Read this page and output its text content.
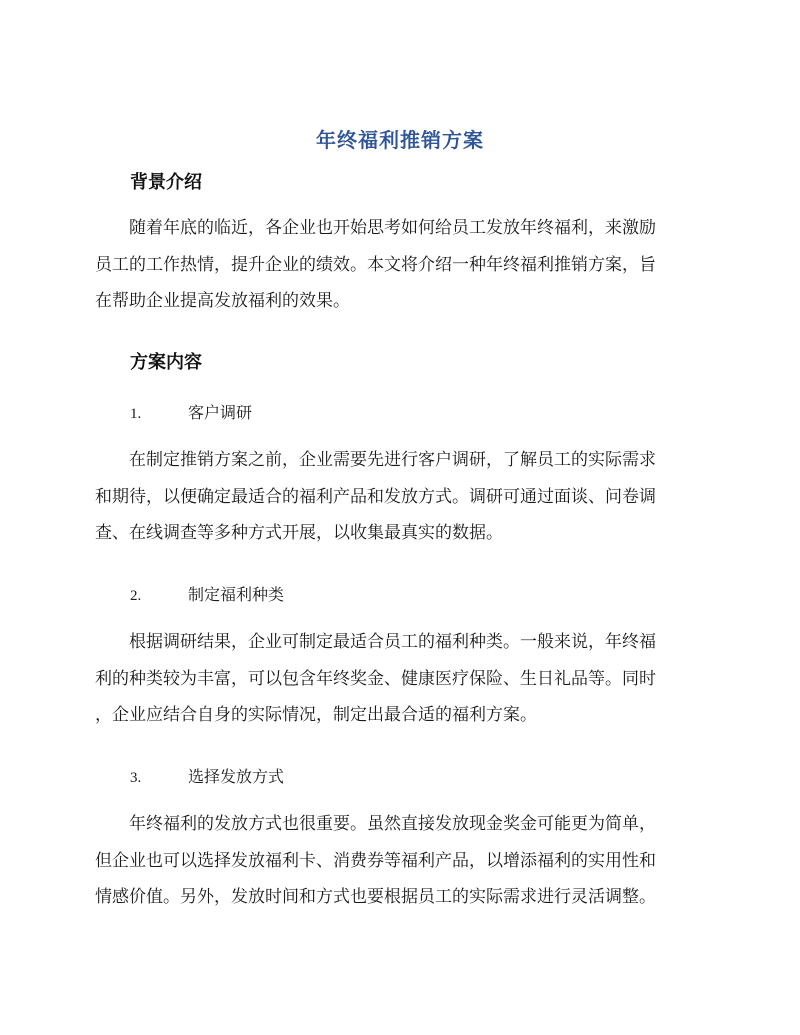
年终福利推销方案
背景介绍
随着年底的临近，各企业也开始思考如何给员工发放年终福利，来激励
员工的工作热情，提升企业的绩效。本文将介绍一种年终福利推销方案，旨
在帮助企业提高发放福利的效果。
方案内容
1.	客户调研
在制定推销方案之前，企业需要先进行客户调研，了解员工的实际需求
和期待，以便确定最适合的福利产品和发放方式。调研可通过面谈、问卷调
查、在线调查等多种方式开展，以收集最真实的数据。
2.	制定福利种类
根据调研结果，企业可制定最适合员工的福利种类。一般来说，年终福
利的种类较为丰富，可以包含年终奖金、健康医疗保险、生日礼品等。同时
，企业应结合自身的实际情况，制定出最合适的福利方案。
3.	选择发放方式
年终福利的发放方式也很重要。虽然直接发放现金奖金可能更为简单，
但企业也可以选择发放福利卡、消费券等福利产品，以增添福利的实用性和
情感价值。另外，发放时间和方式也要根据员工的实际需求进行灵活调整。
